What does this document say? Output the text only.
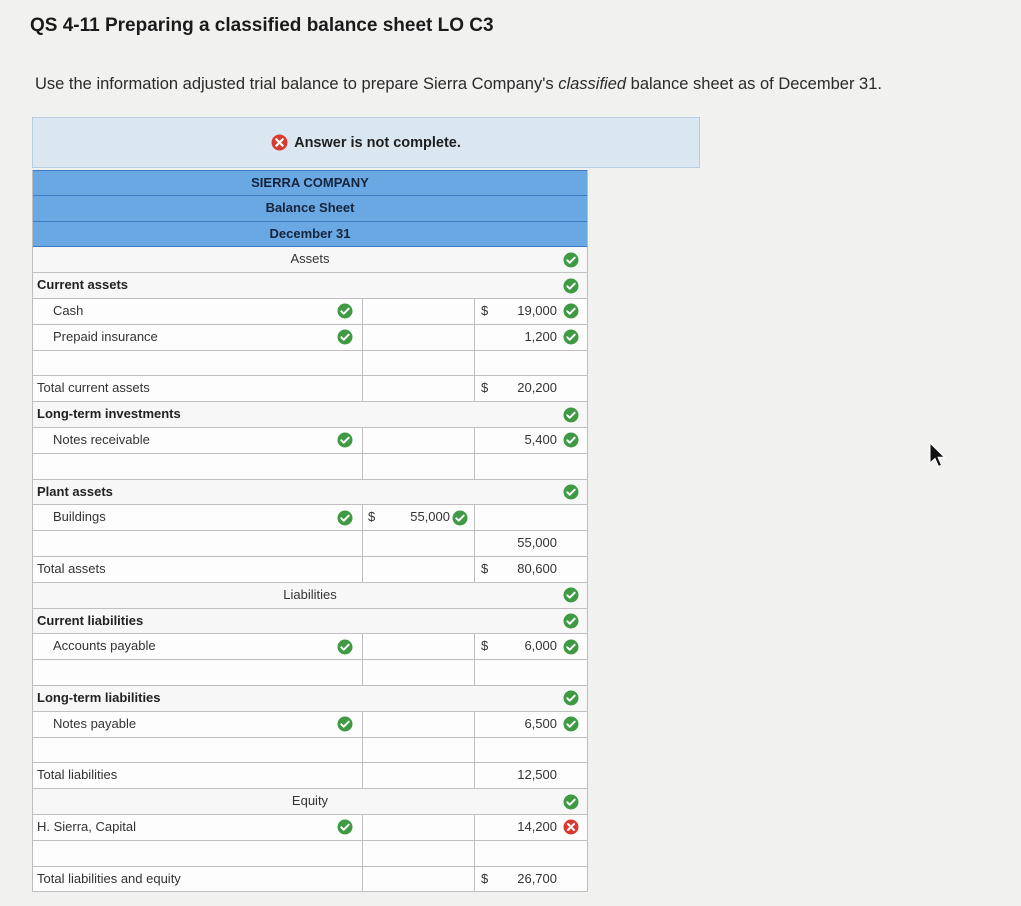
QS 4-11 Preparing a classified balance sheet LO C3
Use the information adjusted trial balance to prepare Sierra Company's classified balance sheet as of December 31.
Answer is not complete.
SIERRA COMPANY
Balance Sheet
December 31
Assets
Current assets
Cash	$ 19,000
Prepaid insurance	1,200
Total current assets	$ 20,200
Long-term investments
Notes receivable	5,400
Plant assets
Buildings	$	55,000
55,000
Total assets	$ 80,600
Liabilities
Current liabilities
Accounts payable	$	6,000
Long-term liabilities
Notes payable	6,500
Total liabilities	12,500
Equity
H. Sierra, Capital	14,200
Total liabilities and equity	$ 26,700
